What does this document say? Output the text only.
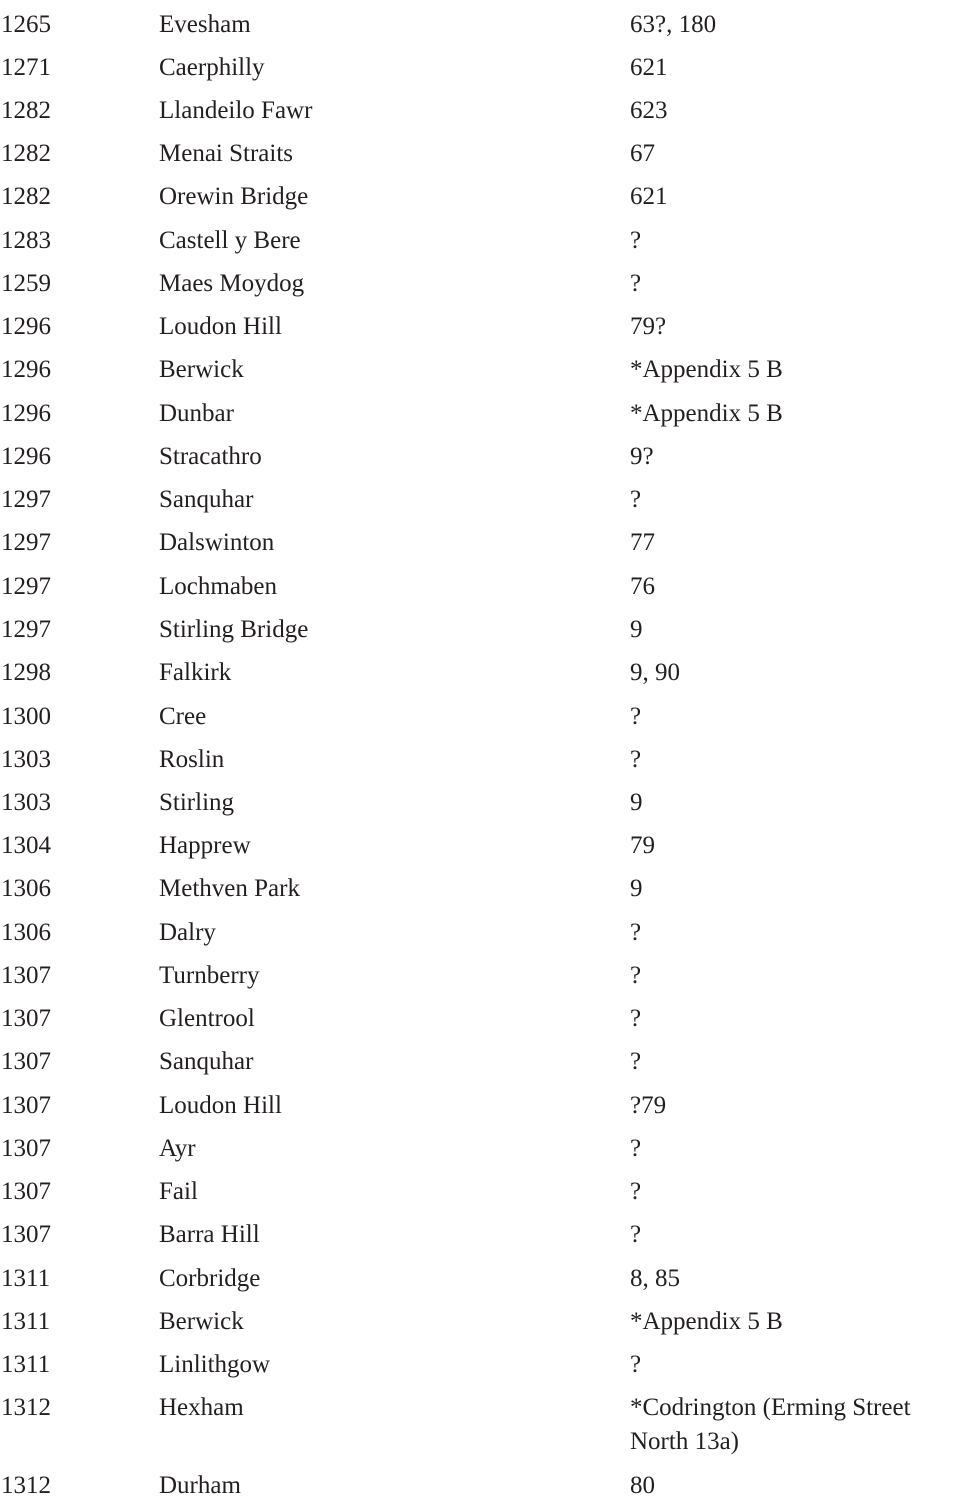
1265	Evesham	63?, 180
1271	Caerphilly	621
1282	Llandeilo Fawr	623
1282	Menai Straits	67
1282	Orewin Bridge	621
1283	Castell y Bere	?
1259	Maes Moydog	?
1296	Loudon Hill	79?
1296	Berwick	*Appendix 5 B
1296	Dunbar	*Appendix 5 B
1296	Stracathro	9?
1297	Sanquhar	?
1297	Dalswinton	77
1297	Lochmaben	76
1297	Stirling Bridge	9
1298	Falkirk	9, 90
1300	Cree	?
1303	Roslin	?
1303	Stirling	9
1304	Happrew	79
1306	Methven Park	9
1306	Dalry	?
1307	Turnberry	?
1307	Glentrool	?
1307	Sanquhar	?
1307	Loudon Hill	?79
1307	Ayr	?
1307	Fail	?
1307	Barra Hill	?
1311	Corbridge	8, 85
1311	Berwick	*Appendix 5 B
1311	Linlithgow	?
1312	Hexham	*Codrington (Erming Street North 13a)
1312	Durham	80
